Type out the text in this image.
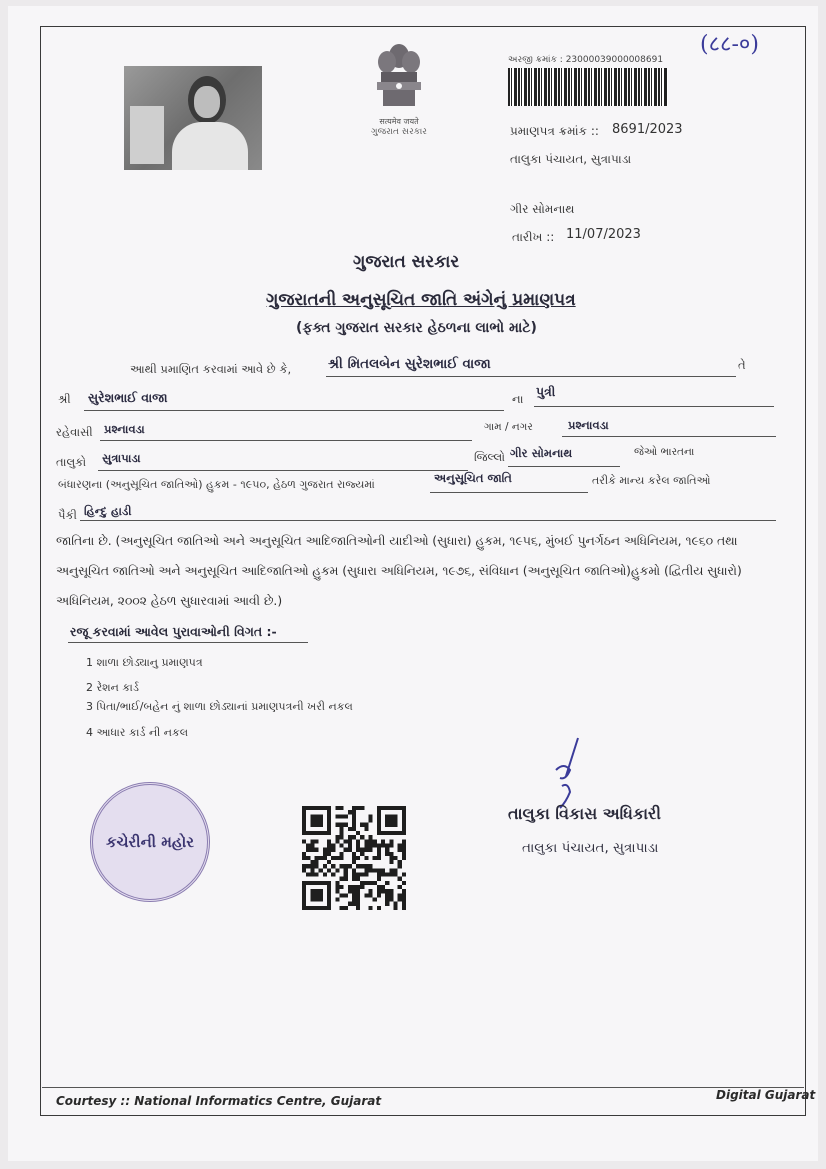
(८८-०)
सत्यमेव जयते
ગુજરાત સરકાર
અરજી ક્રમાંક : 23000039000008691
પ્રમાણપત્ર ક્રમાંક :: 8691/2023
તાલુકા પંચાયત, સુત્રાપાડા
ગીર સોમનાથ
તારીખ :: 11/07/2023
ગુજરાત સરકાર
ગુજરાતની અનુસૂચિત જાતિ અંગેનું પ્રમાણપત્ર
(ફક્ત ગુજરાત સરકાર હેઠળના લાભો માટે)
આથી પ્રમાણિત કરવામાં આવે છે કે,	શ્રી મિતલબેન સુરેશભાઈ વાજા	તે
શ્રી સુરેશભાઈ વાજા	ના પુત્રી
રહેવાસી પ્રશ્નાવડા	ગામ / નગર	પ્રશ્નાવડા
તાલુકો સુત્રાપાડા	જિલ્લો ગીર સોમનાથ	જેઓ ભારતના
બંધારણના (અનુસૂચિત જાતિઓ) હુકમ - ૧૯૫૦, હેઠળ ગુજરાત રાજ્યમાં	અનુસૂચિત જાતિ	તરીકે માન્ય કરેલ જાતિઓ
પૈકી હિન્દુ હાડી
જાતિના છે. (અનુસૂચિત જાતિઓ અને અનુસૂચિત આદિજાતિઓની યાદીઓ (સુધારા) હુકમ, ૧૯૫૬, મુંબઈ પુનર્ગઠન અધિનિયમ, ૧૯૬૦ તથા
અનુસૂચિત જાતિઓ અને અનુસૂચિત આદિજાતિઓ હુકમ (સુધારા અધિનિયમ, ૧૯૭૬, સંવિધાન (અનુસૂચિત જાતિઓ)હુકમો (દ્વિતીય સુધારો)
અધિનિયમ, ૨૦૦૨ હેઠળ સુધારવામાં આવી છે.)
રજૂ કરવામાં આવેલ પુરાવાઓની વિગત :-
1 શાળા છોડ્યાનુ પ્રમાણપત્ર
2 રેશન કાર્ડ
3 પિતા/ભાઈ/બહેન નું શાળા છોડ્યાનાં પ્રમાણપત્રની ખરી નકલ
4 આધાર કાર્ડ ની નકલ
કચેરીની મહોર
તાલુકા વિકાસ અધિકારી
તાલુકા પંચાયત, સુત્રાપાડા
Courtesy :: National Informatics Centre, Gujarat	Digital Gujarat
